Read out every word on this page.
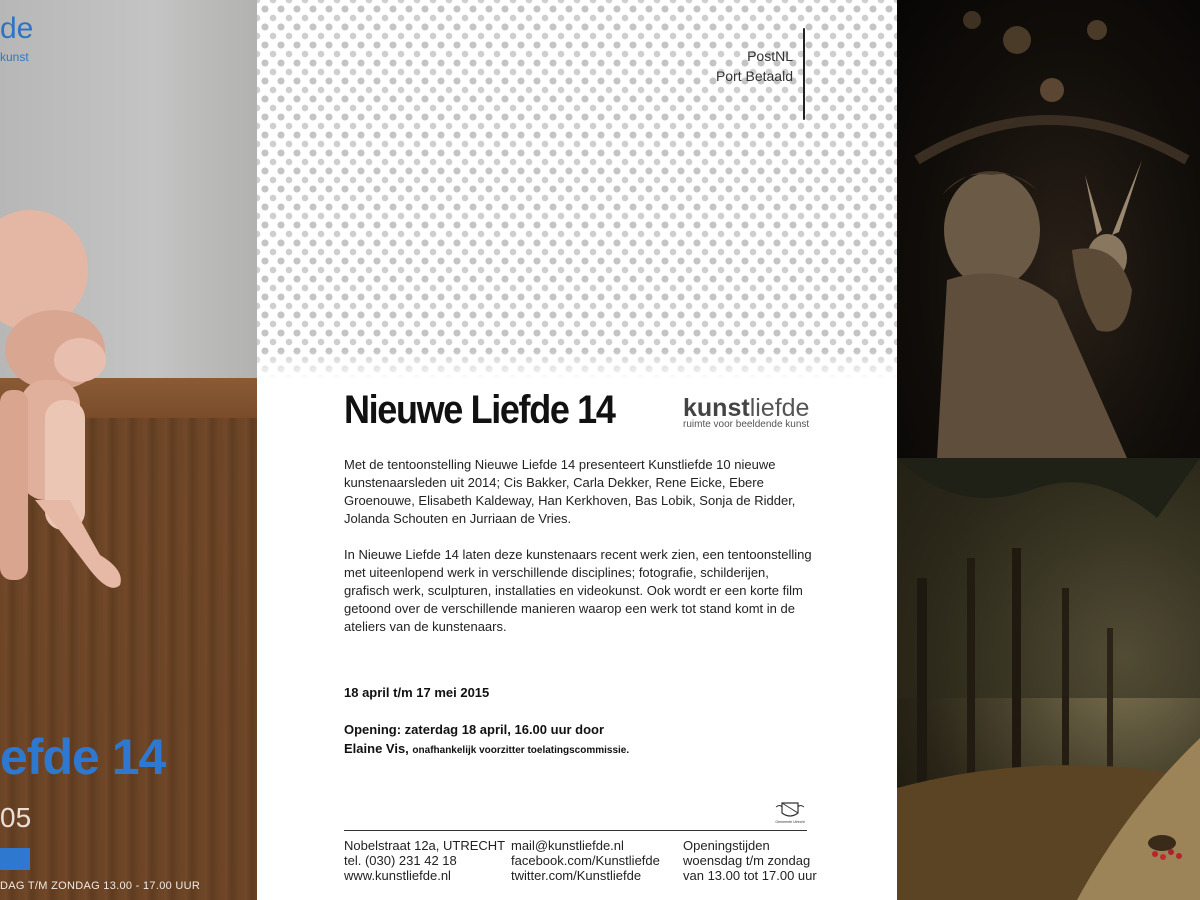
de
kunst
efde 14
05
DAG T/M ZONDAG 13.00 - 17.00 UUR
PostNL
Port Betaald
Nieuwe Liefde 14	kunstliefde
ruimte voor beeldende kunst
Met de tentoonstelling Nieuwe Liefde 14 presenteert Kunstliefde 10 nieuwe kunstenaarsleden uit 2014; Cis Bakker, Carla Dekker, Rene Eicke, Ebere Groenouwe, Elisabeth Kaldeway, Han Kerkhoven, Bas Lobik, Sonja de Ridder, Jolanda Schouten en Jurriaan de Vries.
In Nieuwe Liefde 14 laten deze kunstenaars recent werk zien, een tentoonstelling met uiteenlopend werk in verschillende disciplines; fotografie, schilderijen, grafisch werk, sculpturen, installaties en videokunst. Ook wordt er een korte film getoond over de verschillende manieren waarop een werk tot stand komt in de ateliers van de kunstenaars.
18 april t/m 17 mei 2015
Opening: zaterdag 18 april, 16.00 uur door
Elaine Vis, onafhankelijk voorzitter toelatingscommissie.
Gemeente Utrecht
Nobelstraat 12a, UTRECHT
tel. (030) 231 42 18
www.kunstliefde.nl
mail@kunstliefde.nl
facebook.com/Kunstliefde
twitter.com/Kunstliefde
Openingstijden
woensdag t/m zondag
van 13.00 tot 17.00 uur
